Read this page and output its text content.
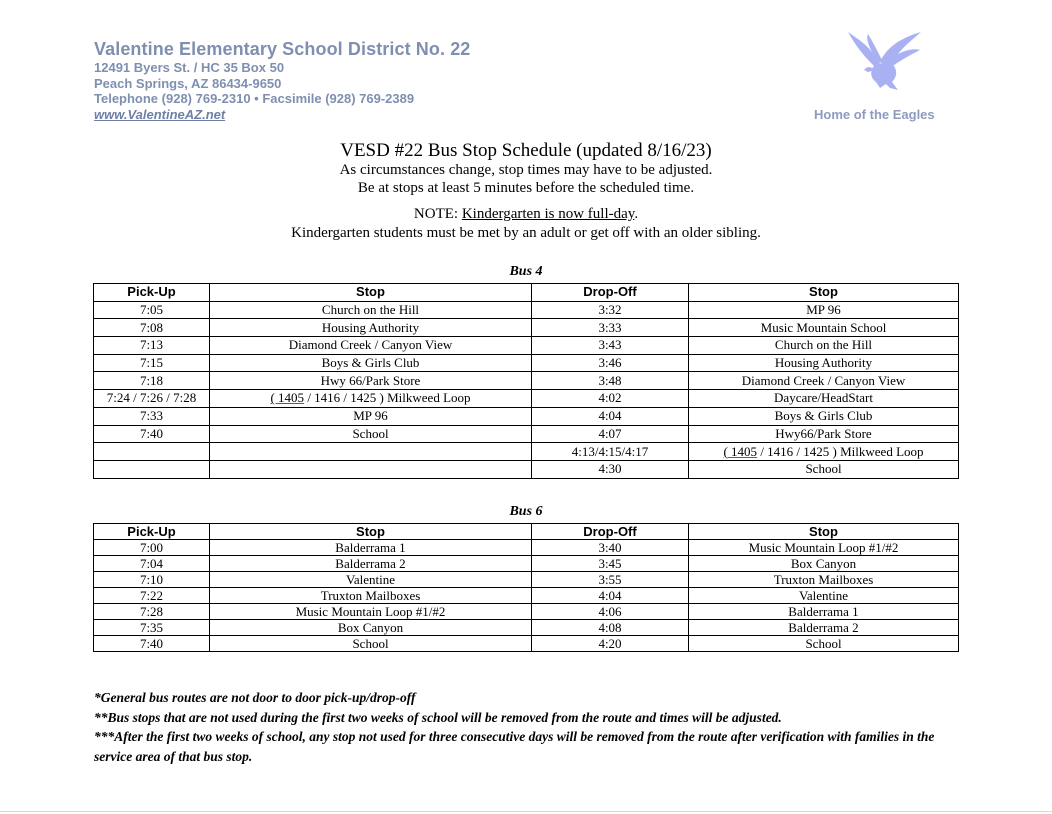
Valentine Elementary School District No. 22
12491 Byers St. / HC 35 Box 50
Peach Springs, AZ 86434-9650
Telephone (928) 769-2310 • Facsimile (928) 769-2389
www.ValentineAZ.net	Home of the Eagles
VESD #22 Bus Stop Schedule (updated 8/16/23)
As circumstances change, stop times may have to be adjusted.
Be at stops at least 5 minutes before the scheduled time.
NOTE: Kindergarten is now full-day.
Kindergarten students must be met by an adult or get off with an older sibling.
Bus 4
Pick-Up	Stop	Drop-Off	Stop
7:05	Church on the Hill	3:32	MP 96
7:08	Housing Authority	3:33	Music Mountain School
7:13	Diamond Creek / Canyon View	3:43	Church on the Hill
7:15	Boys & Girls Club	3:46	Housing Authority
7:18	Hwy 66/Park Store	3:48	Diamond Creek / Canyon View
7:24 / 7:26 / 7:28	( 1405 / 1416 / 1425 ) Milkweed Loop	4:02	Daycare/HeadStart
7:33	MP 96	4:04	Boys & Girls Club
7:40	School	4:07	Hwy66/Park Store
		4:13/4:15/4:17	( 1405 / 1416 / 1425 ) Milkweed Loop
		4:30	School
Bus 6
Pick-Up	Stop	Drop-Off	Stop
7:00	Balderrama 1	3:40	Music Mountain Loop #1/#2
7:04	Balderrama 2	3:45	Box Canyon
7:10	Valentine	3:55	Truxton Mailboxes
7:22	Truxton Mailboxes	4:04	Valentine
7:28	Music Mountain Loop #1/#2	4:06	Balderrama 1
7:35	Box Canyon	4:08	Balderrama 2
7:40	School	4:20	School
*General bus routes are not door to door pick-up/drop-off
**Bus stops that are not used during the first two weeks of school will be removed from the route and times will be adjusted.
***After the first two weeks of school, any stop not used for three consecutive days will be removed from the route after verification with families in the service area of that bus stop.
